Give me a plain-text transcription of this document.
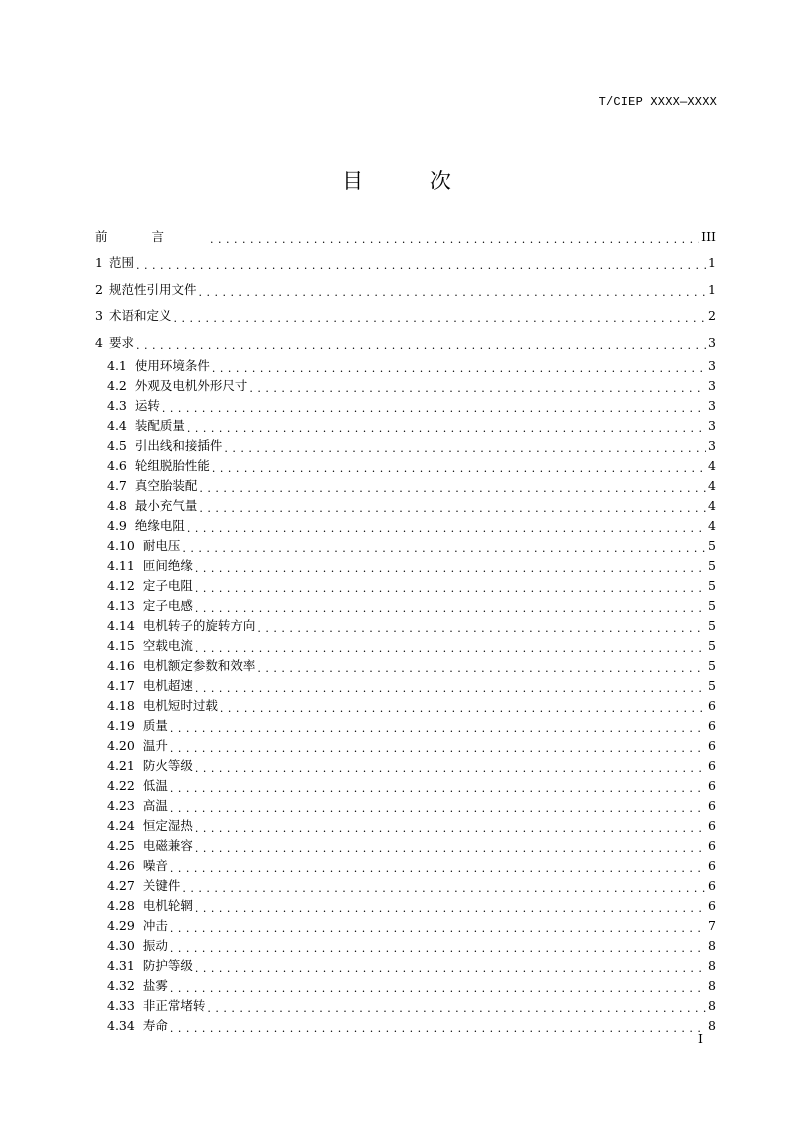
T/CIEP XXXX—XXXX
目 次
前言 . . .	III
1 范围 . . .	1
2 规范性引用文件 . . .	1
3 术语和定义 . . .	2
4 要求 . . .	3
4.1 使用环境条件 . . .	3
4.2 外观及电机外形尺寸 . . .	3
4.3 运转 . . .	3
4.4 装配质量 . . .	3
4.5 引出线和接插件 . . .	3
4.6 轮组脱胎性能 . . .	4
4.7 真空胎装配 . . .	4
4.8 最小充气量 . . .	4
4.9 绝缘电阻 . . .	4
4.10 耐电压 . . .	5
4.11 匝间绝缘 . . .	5
4.12 定子电阻 . . .	5
4.13 定子电感 . . .	5
4.14 电机转子的旋转方向 . . .	5
4.15 空载电流 . . .	5
4.16 电机额定参数和效率 . . .	5
4.17 电机超速 . . .	5
4.18 电机短时过载 . . .	6
4.19 质量 . . .	6
4.20 温升 . . .	6
4.21 防火等级 . . .	6
4.22 低温 . . .	6
4.23 高温 . . .	6
4.24 恒定湿热 . . .	6
4.25 电磁兼容 . . .	6
4.26 噪音 . . .	6
4.27 关键件 . . .	6
4.28 电机轮辋 . . .	6
4.29 冲击 . . .	7
4.30 振动 . . .	8
4.31 防护等级 . . .	8
4.32 盐雾 . . .	8
4.33 非正常堵转 . . .	8
4.34 寿命 . . .	8
I
